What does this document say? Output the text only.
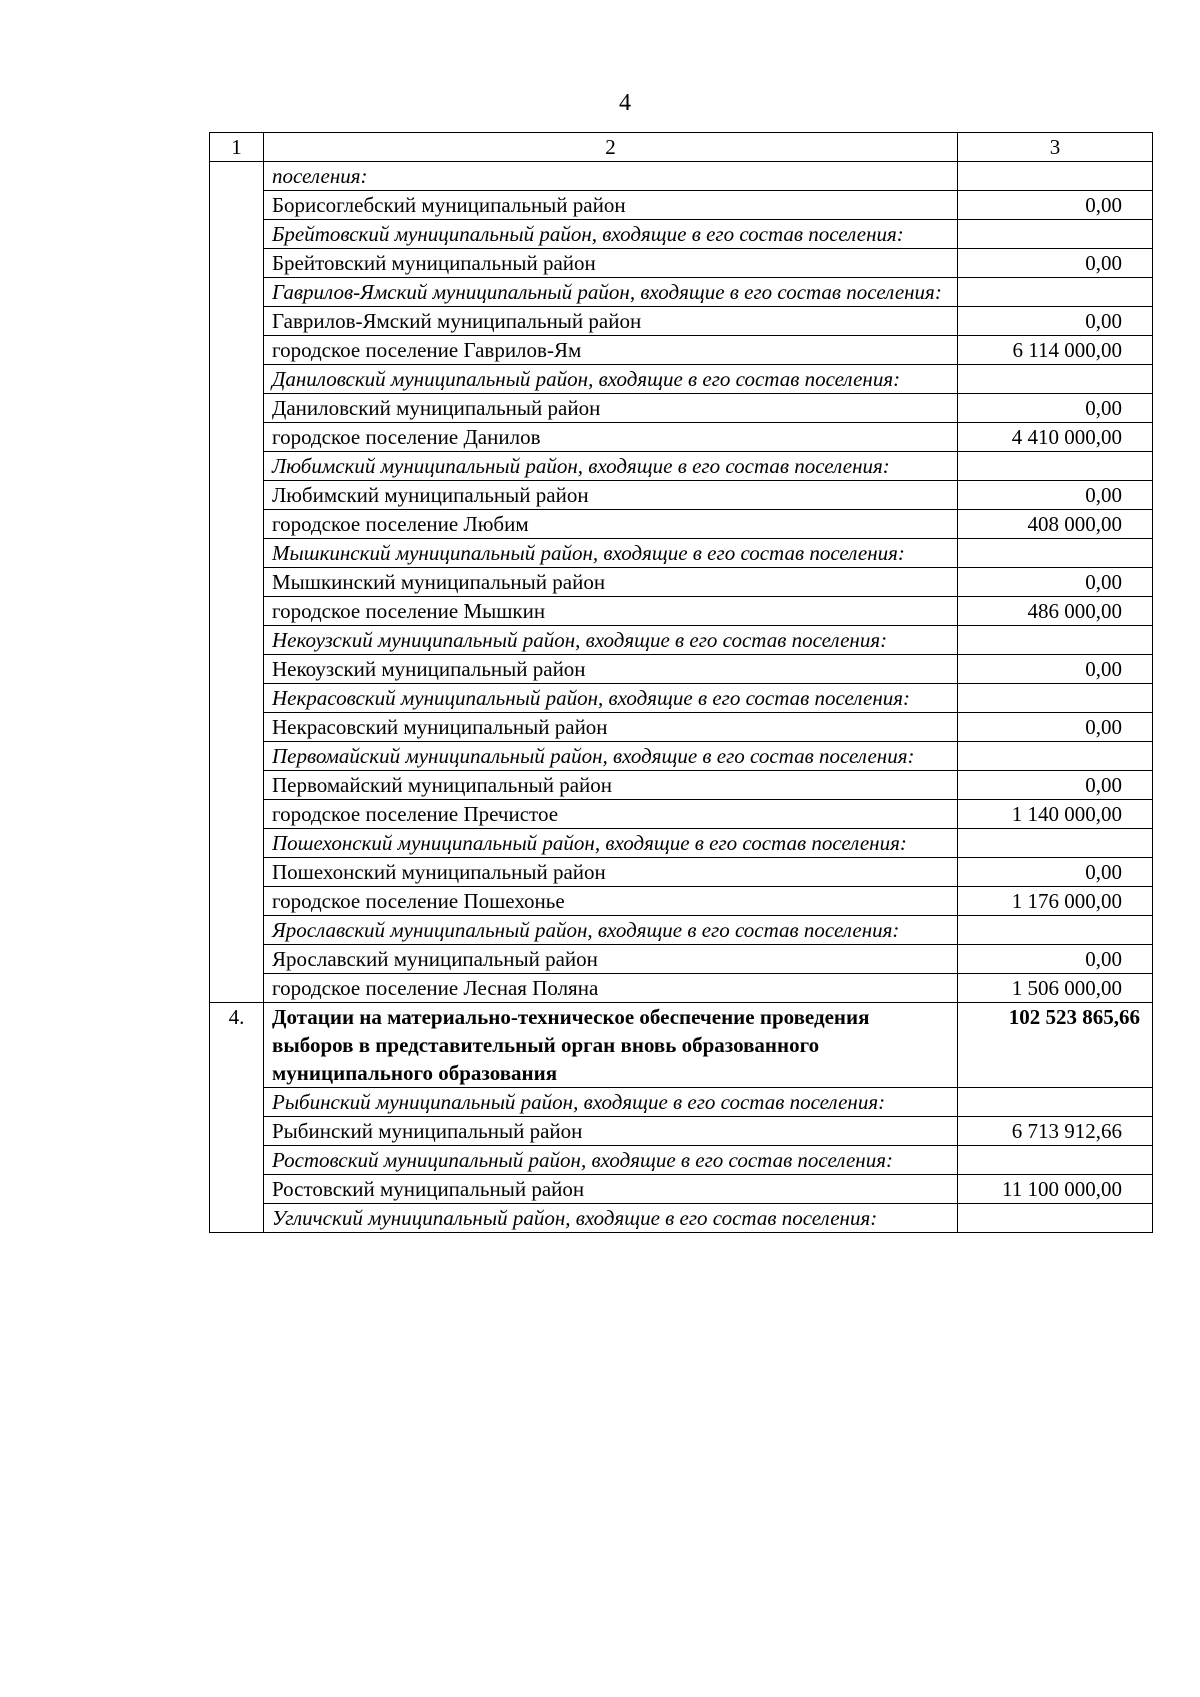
4
1	2	3
	поселения:	
	Борисоглебский муниципальный район	0,00
	Брейтовский муниципальный район, входящие в его состав поселения:	
	Брейтовский муниципальный район	0,00
	Гаврилов-Ямский муниципальный район, входящие в его состав поселения:	
	Гаврилов-Ямский муниципальный район	0,00
	городское поселение Гаврилов-Ям	6 114 000,00
	Даниловский муниципальный район, входящие в его состав поселения:	
	Даниловский муниципальный район	0,00
	городское поселение Данилов	4 410 000,00
	Любимский муниципальный район, входящие в его состав поселения:	
	Любимский муниципальный район	0,00
	городское поселение Любим	408 000,00
	Мышкинский муниципальный район, входящие в его состав поселения:	
	Мышкинский муниципальный район	0,00
	городское поселение Мышкин	486 000,00
	Некоузский муниципальный район, входящие в его состав поселения:	
	Некоузский муниципальный район	0,00
	Некрасовский муниципальный район, входящие в его состав поселения:	
	Некрасовский муниципальный район	0,00
	Первомайский муниципальный район, входящие в его состав поселения:	
	Первомайский муниципальный район	0,00
	городское поселение Пречистое	1 140 000,00
	Пошехонский муниципальный район, входящие в его состав поселения:	
	Пошехонский муниципальный район	0,00
	городское поселение Пошехонье	1 176 000,00
	Ярославский муниципальный район, входящие в его состав поселения:	
	Ярославский муниципальный район	0,00
	городское поселение Лесная Поляна	1 506 000,00
4.	Дотации на материально-техническое обеспечение проведения выборов в представительный орган вновь образованного муниципального образования	102 523 865,66
	Рыбинский муниципальный район, входящие в его состав поселения:	
	Рыбинский муниципальный район	6 713 912,66
	Ростовский муниципальный район, входящие в его состав поселения:	
	Ростовский муниципальный район	11 100 000,00
	Угличский муниципальный район, входящие в его состав поселения:	
